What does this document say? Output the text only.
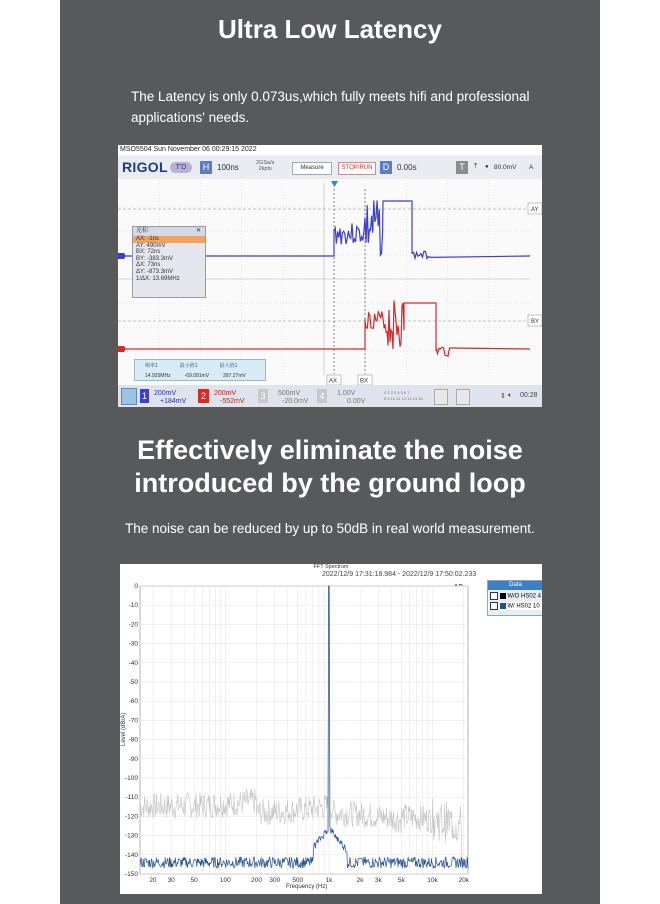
Ultra Low Latency
The Latency is only 0.073us,which fully meets hifi and professional
applications' needs.
MSO5504 Sun November 06 00:29:15 2022
RIGOL	T'D	H 100ns	2GSa/s
2kpts	Measure	STOP/RUN	D 0.00s	T	⤒ ● 80.0mV A
AY
BY
AX	BX
光标	✕
AX: -1ns
AY: 490mV
BX: 72ns
BY: -383.3mV
ΔX: 73ns
ΔY: -873.3mV
1/ΔX: 13.69MHz
频率1	最小值1	最大值1
14.925MHz	-69.091mV	397.27mV
1 200mV
+184mV
2	200mV
-552mV
3	500mV
-20.0mV
4	1.00V
0.00V
0 1 2 3 4 5 6 7
8 9 10 11 12 13 14 15	⇕ 🔈︎ 00:28
Effectively eliminate the noise
introduced by the ground loop
The noise can be reduced by up to 50dB in real world measurement.
FFT Spectrum
2022/12/9 17:31:18.984 - 2022/12/9 17:50:02.233
Data
W/O HS02 4
W/ HS02 10
0
-10
-20
-30
-40
-50
-60
-70
-80
-90
-100
-110
-120
-130
-140
-150
20 30 50	100	200 300 500	1k	2k 3k 5k	10k	20k
Level (dBrA)
Frequency (Hz)
